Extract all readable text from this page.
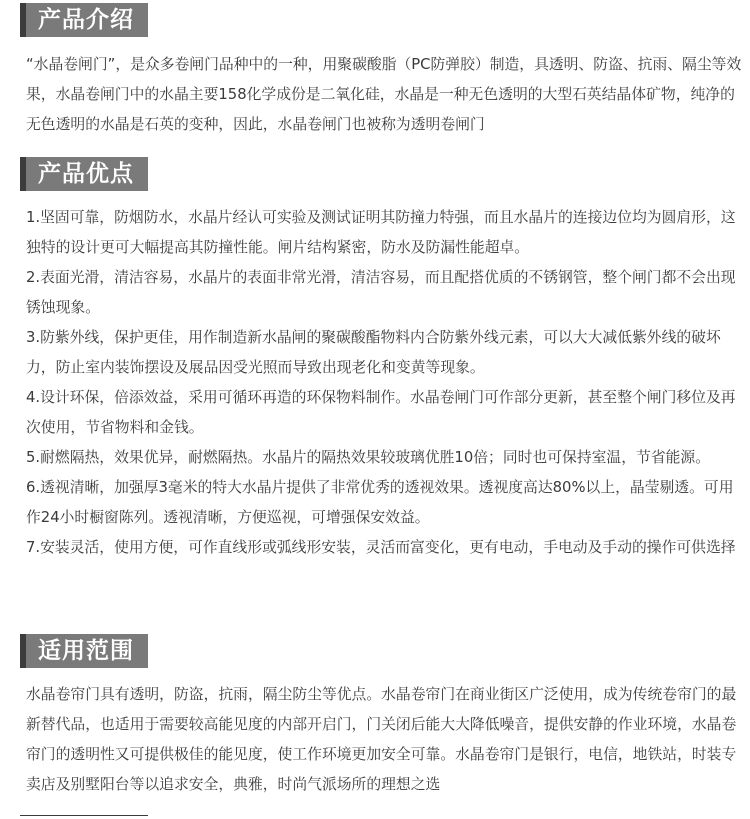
产品介绍

“水晶卷闸门”，是众多卷闸门品种中的一种，用聚碳酸脂（PC防弹胶）制造，具透明、防盗、抗雨、隔尘等效果，水晶卷闸门中的水晶主要158化学成份是二氧化硅，水晶是一种无色透明的大型石英结晶体矿物，纯净的无色透明的水晶是石英的变种，因此，水晶卷闸门也被称为透明卷闸门

产品优点

1.坚固可靠，防烟防水，水晶片经认可实验及测试证明其防撞力特强，而且水晶片的连接边位均为圆肩形，这独特的设计更可大幅提高其防撞性能。闸片结构紧密，防水及防漏性能超卓。

2.表面光滑，清洁容易，水晶片的表面非常光滑，清洁容易，而且配搭优质的不锈钢管，整个闸门都不会出现锈蚀现象。

3.防紫外线，保护更佳，用作制造新水晶闸的聚碳酸酯物料内合防紫外线元素，可以大大减低紫外线的破坏力，防止室内装饰摆设及展品因受光照而导致出现老化和变黄等现象。

4.设计环保，倍添效益，采用可循环再造的环保物料制作。水晶卷闸门可作部分更新，甚至整个闸门移位及再次使用，节省物料和金钱。

5.耐燃隔热，效果优异，耐燃隔热。水晶片的隔热效果较玻璃优胜10倍；同时也可保持室温，节省能源。

6.透视清晰，加强厚3毫米的特大水晶片提供了非常优秀的透视效果。透视度高达80%以上，晶莹剔透。可用作24小时橱窗陈列。透视清晰，方便巡视，可增强保安效益。

7.安装灵活，使用方便，可作直线形或弧线形安装，灵活而富变化，更有电动，手电动及手动的操作可供选择

适用范围

水晶卷帘门具有透明，防盗，抗雨，隔尘防尘等优点。水晶卷帘门在商业街区广泛使用，成为传统卷帘门的最新替代品，也适用于需要较高能见度的内部开启门，门关闭后能大大降低噪音，提供安静的作业环境，水晶卷帘门的透明性又可提供极佳的能见度，使工作环境更加安全可靠。水晶卷帘门是银行，电信，地铁站，时装专卖店及别墅阳台等以追求安全，典雅，时尚气派场所的理想之选
